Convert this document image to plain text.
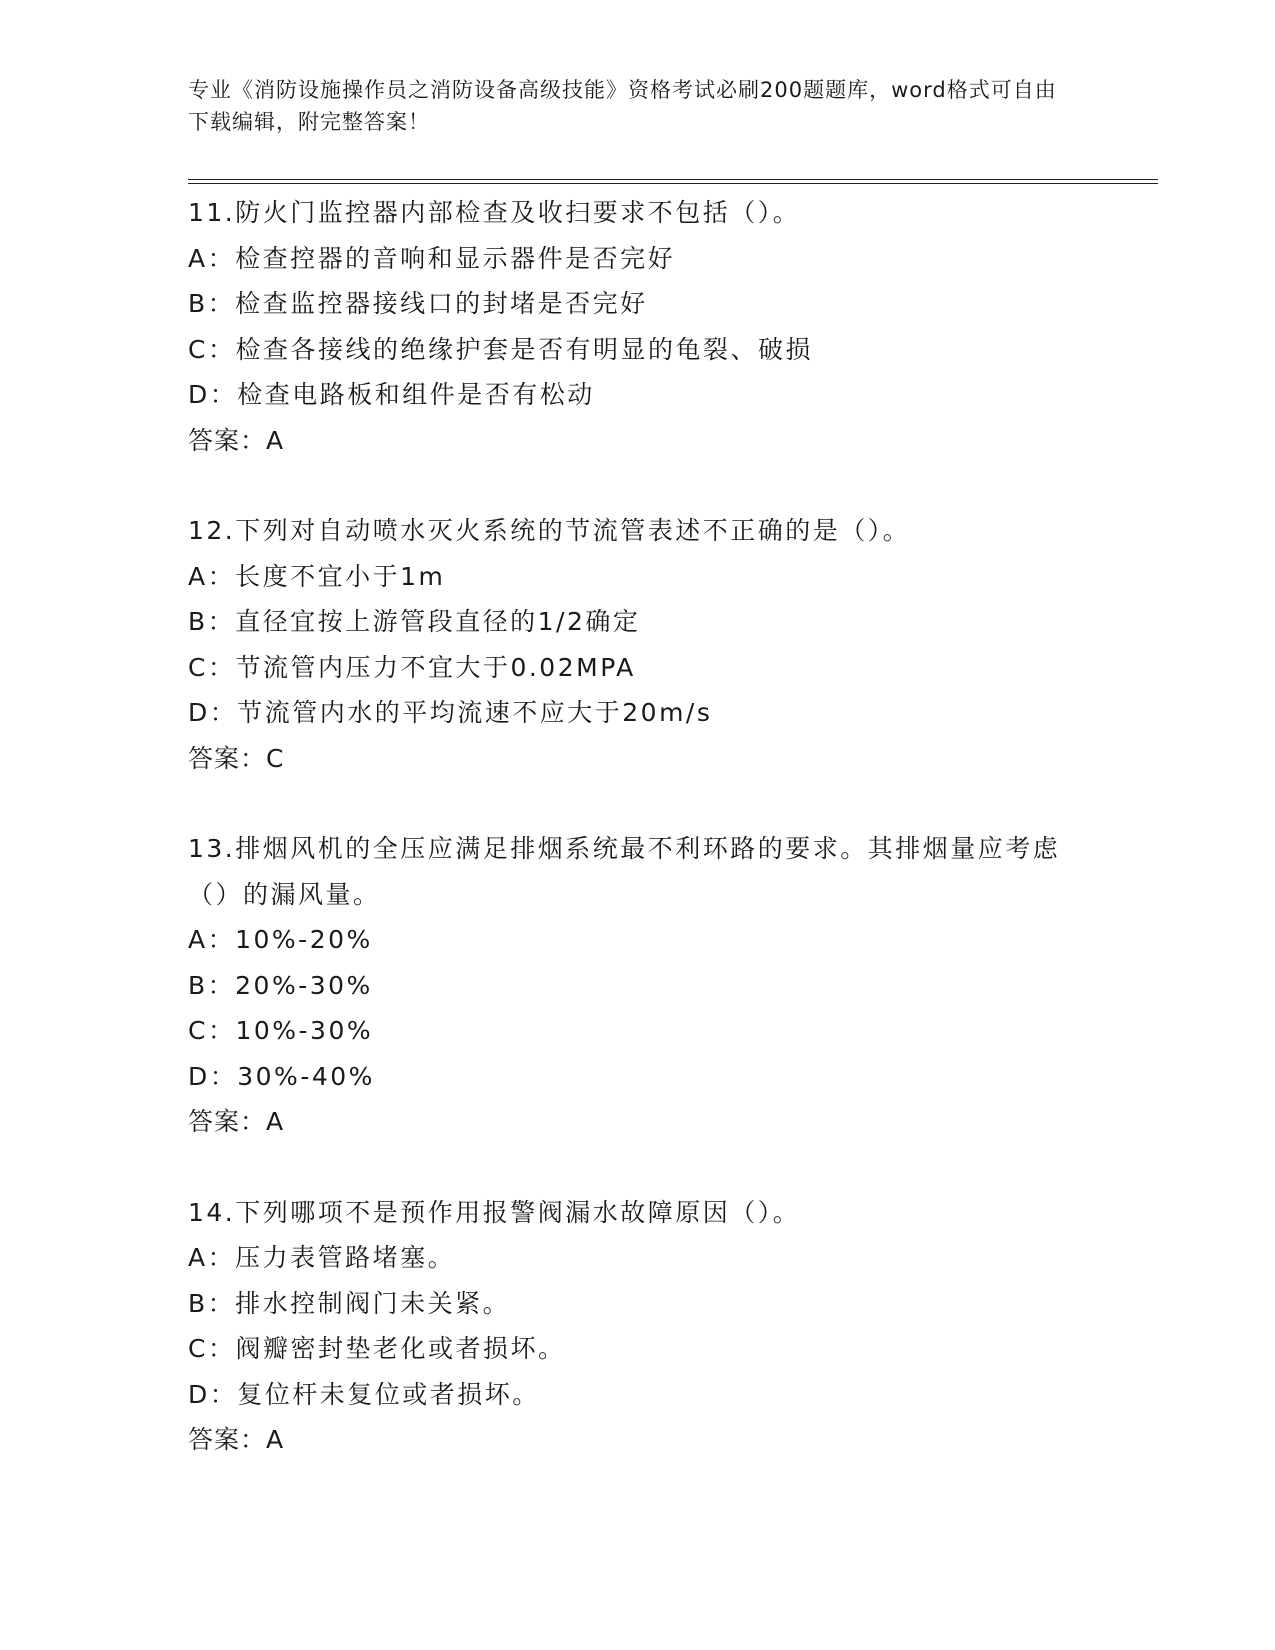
专业《消防设施操作员之消防设备高级技能》资格考试必刷200题题库，word格式可自由下载编辑，附完整答案！
11.防火门监控器内部检查及收扫要求不包括（）。
A：检查控器的音响和显示器件是否完好
B：检查监控器接线口的封堵是否完好
C：检查各接线的绝缘护套是否有明显的龟裂、破损
D：检查电路板和组件是否有松动
答案：A
12.下列对自动喷水灭火系统的节流管表述不正确的是（）。
A：长度不宜小于1m
B：直径宜按上游管段直径的1/2确定
C：节流管内压力不宜大于0.02MPA
D：节流管内水的平均流速不应大于20m/s
答案：C
13.排烟风机的全压应满足排烟系统最不利环路的要求。其排烟量应考虑（）的漏风量。
A：10%-20%
B：20%-30%
C：10%-30%
D：30%-40%
答案：A
14.下列哪项不是预作用报警阀漏水故障原因（）。
A：压力表管路堵塞。
B：排水控制阀门未关紧。
C：阀瓣密封垫老化或者损坏。
D：复位杆未复位或者损坏。
答案：A
